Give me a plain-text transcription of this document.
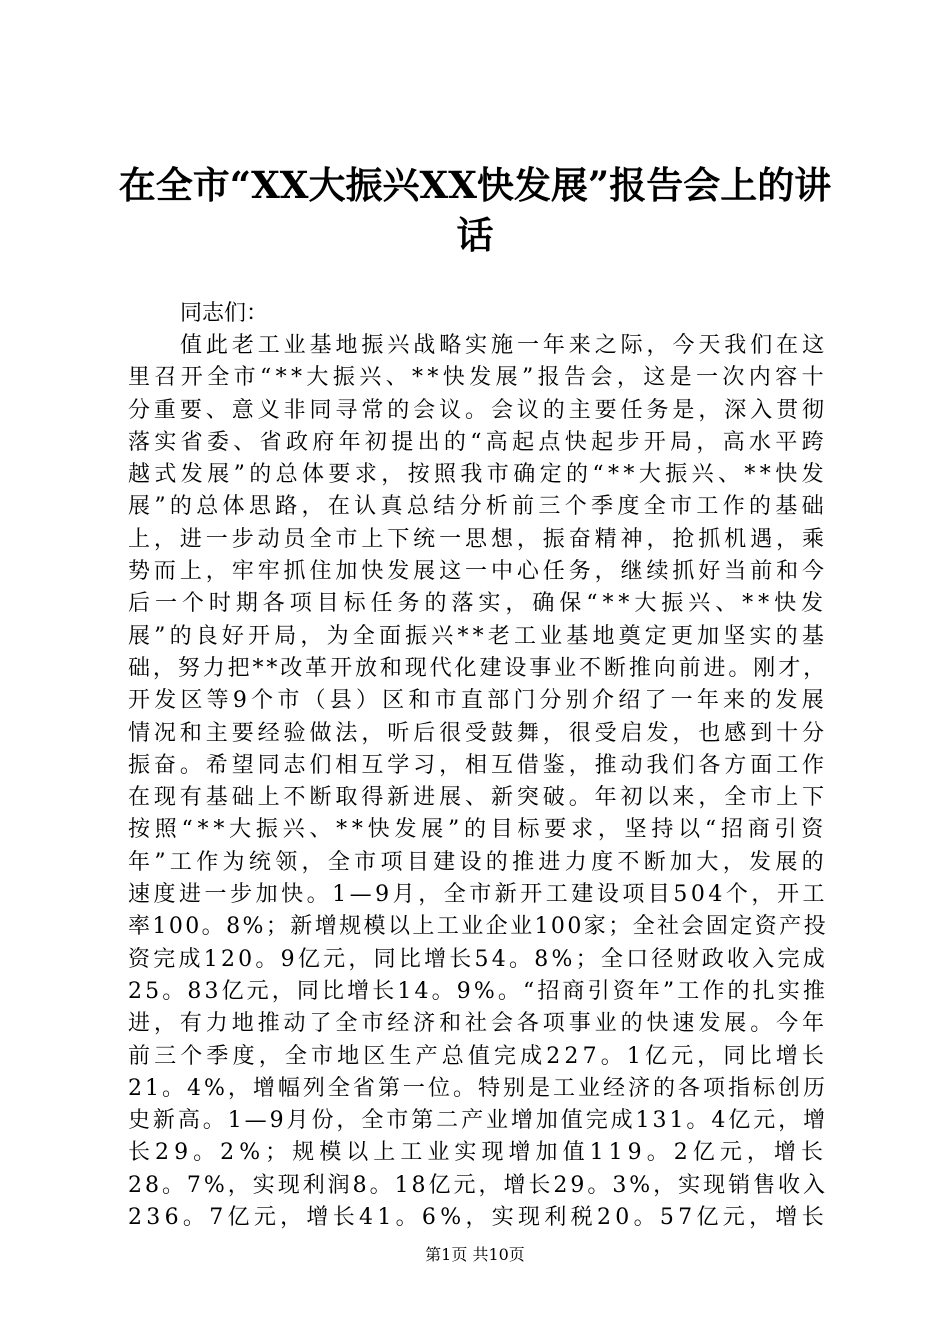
在全市“XX大振兴XX快发展”报告会上的讲
话

同志们：

值此老工业基地振兴战略实施一年来之际，今天我们在这
里召开全市“**大振兴、**快发展”报告会，这是一次内容十
分重要、意义非同寻常的会议。会议的主要任务是，深入贯彻
落实省委、省政府年初提出的“高起点快起步开局，高水平跨
越式发展”的总体要求，按照我市确定的“**大振兴、**快发
展”的总体思路，在认真总结分析前三个季度全市工作的基础
上，进一步动员全市上下统一思想，振奋精神，抢抓机遇，乘
势而上，牢牢抓住加快发展这一中心任务，继续抓好当前和今
后一个时期各项目标任务的落实，确保“**大振兴、**快发
展”的良好开局，为全面振兴**老工业基地奠定更加坚实的基
础，努力把**改革开放和现代化建设事业不断推向前进。刚才，
开发区等9个市（县）区和市直部门分别介绍了一年来的发展
情况和主要经验做法，听后很受鼓舞，很受启发，也感到十分
振奋。希望同志们相互学习，相互借鉴，推动我们各方面工作
在现有基础上不断取得新进展、新突破。年初以来，全市上下
按照“**大振兴、**快发展”的目标要求，坚持以“招商引资
年”工作为统领，全市项目建设的推进力度不断加大，发展的
速度进一步加快。1—9月，全市新开工建设项目504个，开工
率100。8%；新增规模以上工业企业100家；全社会固定资产投
资完成120。9亿元，同比增长54。8%；全口径财政收入完成
25。83亿元，同比增长14。9%。“招商引资年”工作的扎实推
进，有力地推动了全市经济和社会各项事业的快速发展。今年
前三个季度，全市地区生产总值完成227。1亿元，同比增长
21。4%，增幅列全省第一位。特别是工业经济的各项指标创历
史新高。1—9月份，全市第二产业增加值完成131。4亿元，增
长29。2%；规模以上工业实现增加值119。2亿元，增长
28。7%，实现利润8。18亿元，增长29。3%，实现销售收入
236。7亿元，增长41。6%，实现利税20。57亿元，增长

第1页 共10页
